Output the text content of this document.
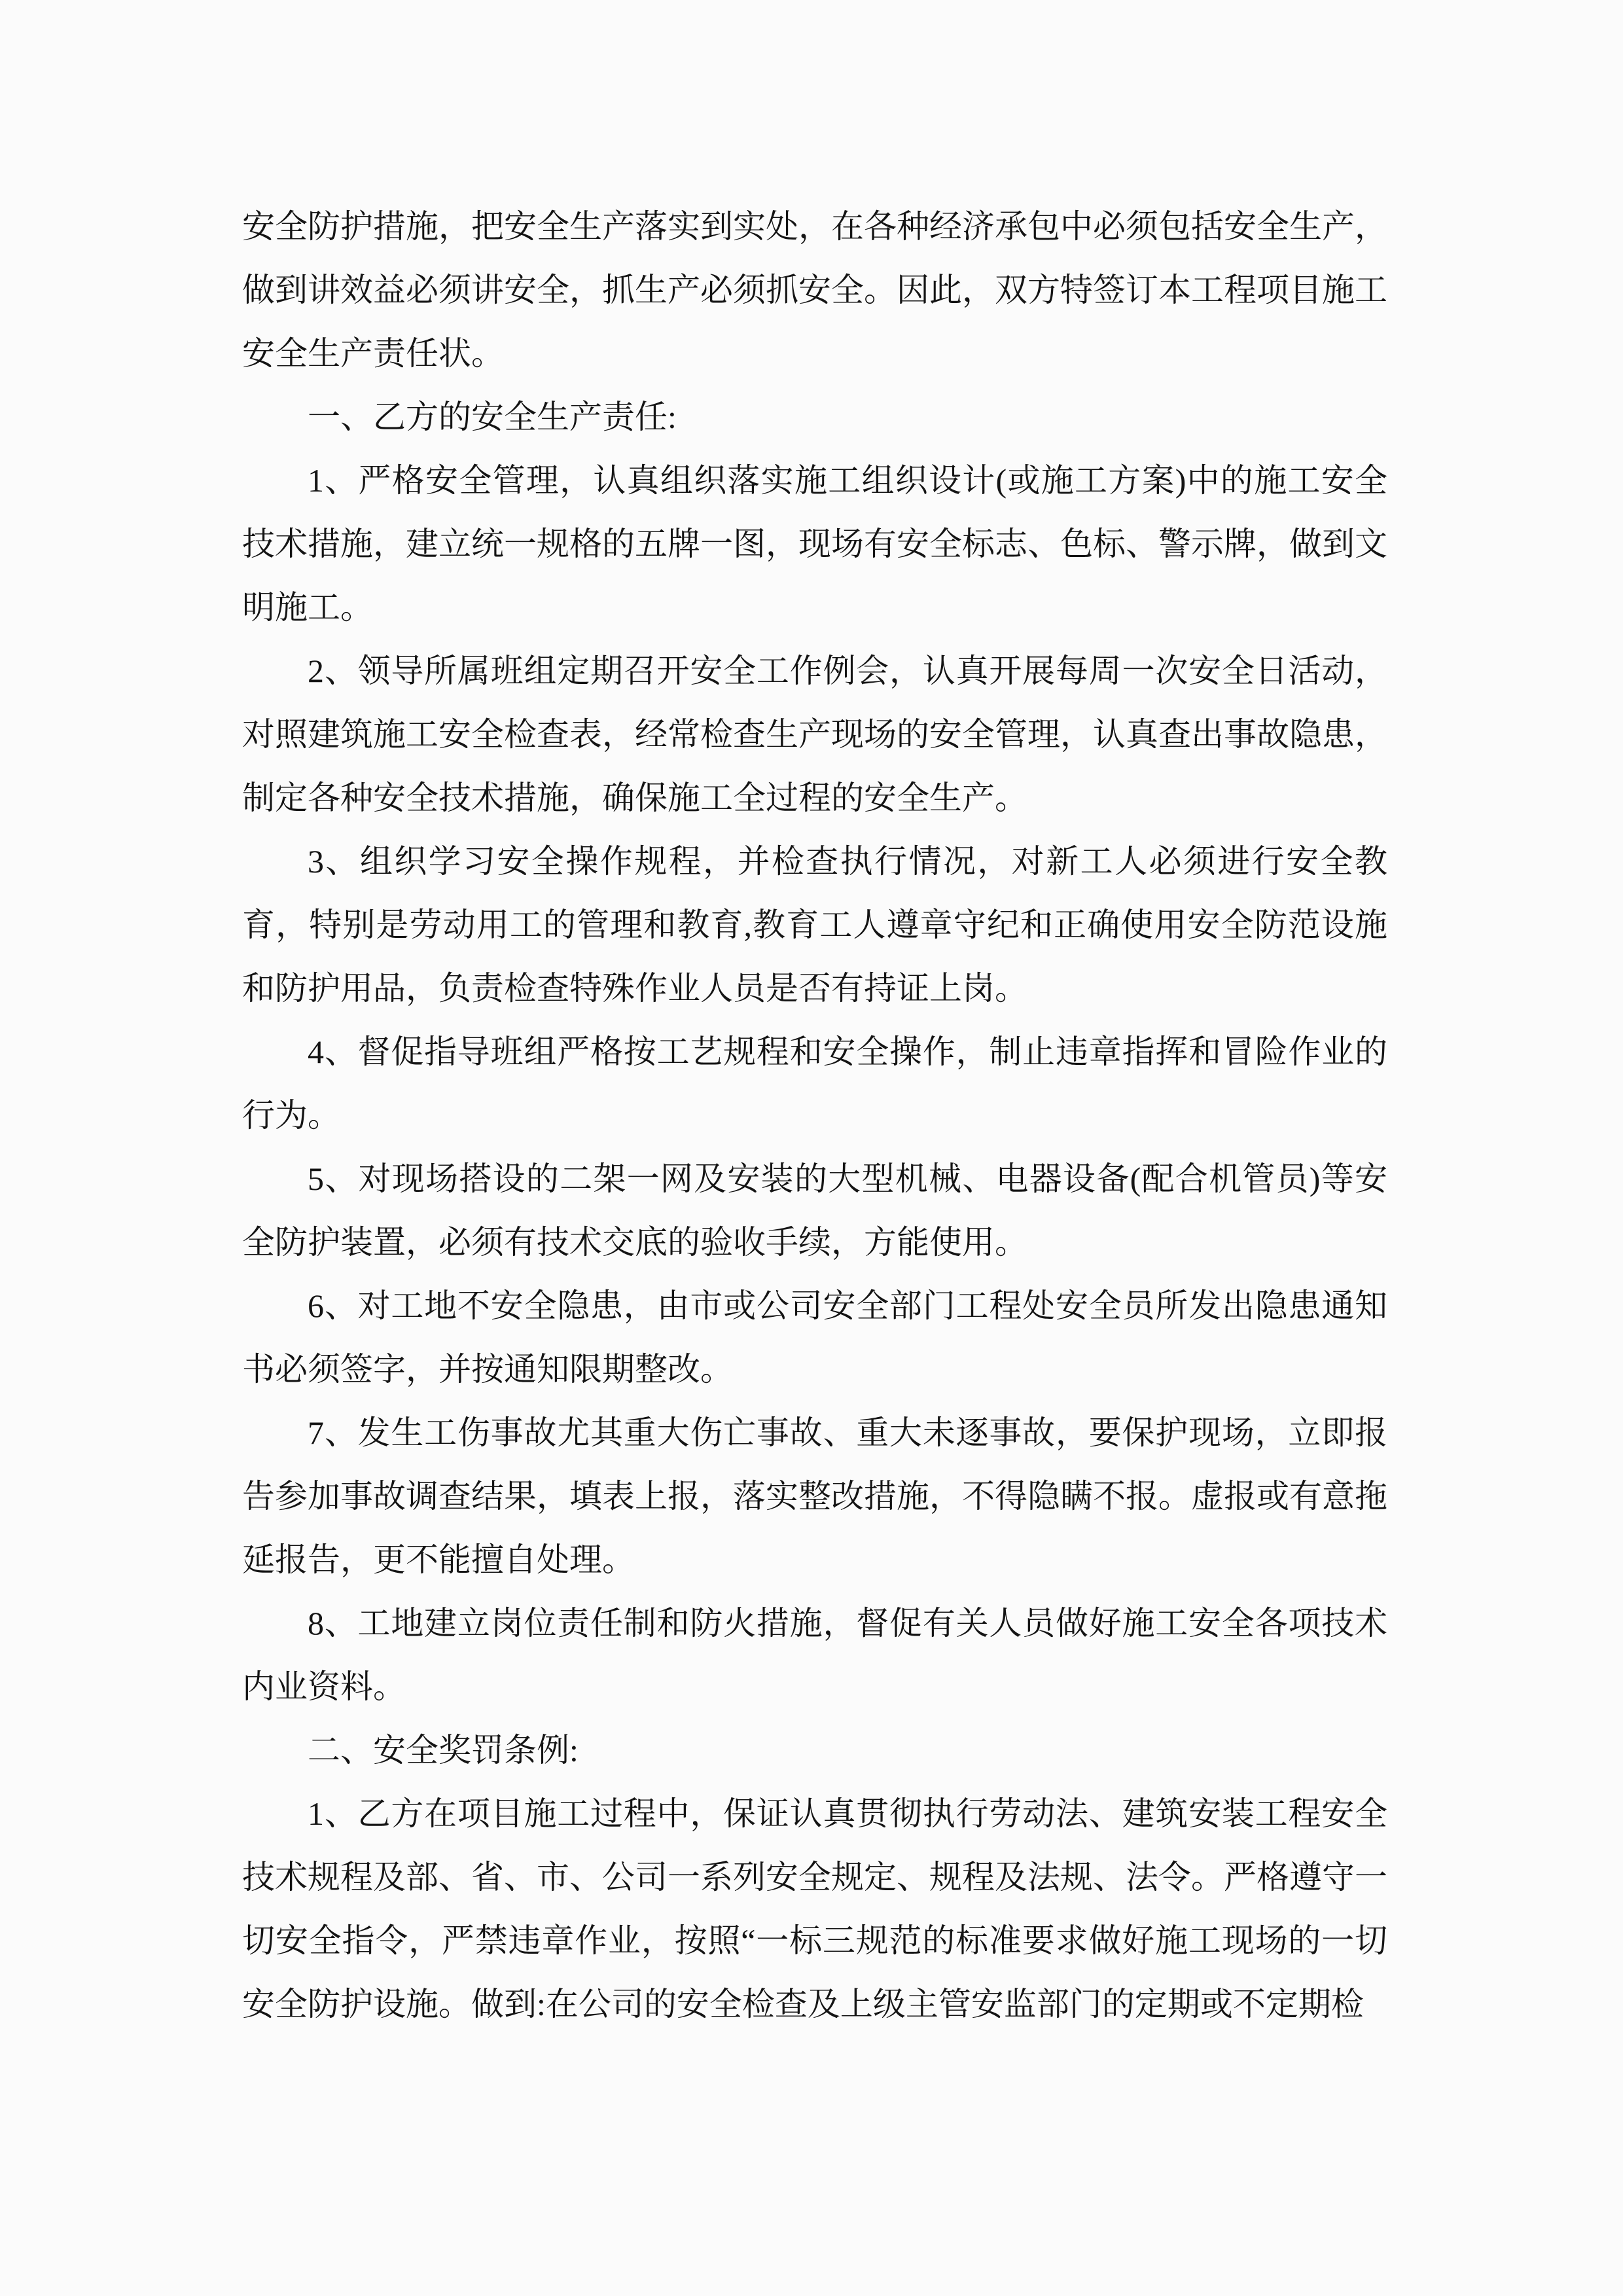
安全防护措施，把安全生产落实到实处，在各种经济承包中必须包括安全生产，做到讲效益必须讲安全，抓生产必须抓安全。因此，双方特签订本工程项目施工安全生产责任状。

一、乙方的安全生产责任:

1、严格安全管理，认真组织落实施工组织设计(或施工方案)中的施工安全技术措施，建立统一规格的五牌一图，现场有安全标志、色标、警示牌，做到文明施工。

2、领导所属班组定期召开安全工作例会，认真开展每周一次安全日活动，对照建筑施工安全检查表，经常检查生产现场的安全管理，认真查出事故隐患，制定各种安全技术措施，确保施工全过程的安全生产。

3、组织学习安全操作规程，并检查执行情况，对新工人必须进行安全教育，特别是劳动用工的管理和教育,教育工人遵章守纪和正确使用安全防范设施和防护用品，负责检查特殊作业人员是否有持证上岗。

4、督促指导班组严格按工艺规程和安全操作，制止违章指挥和冒险作业的行为。

5、对现场搭设的二架一网及安装的大型机械、电器设备(配合机管员)等安全防护装置，必须有技术交底的验收手续，方能使用。

6、对工地不安全隐患，由市或公司安全部门工程处安全员所发出隐患通知书必须签字，并按通知限期整改。

7、发生工伤事故尤其重大伤亡事故、重大未逐事故，要保护现场，立即报告参加事故调查结果，填表上报，落实整改措施，不得隐瞒不报。虚报或有意拖延报告，更不能擅自处理。

8、工地建立岗位责任制和防火措施，督促有关人员做好施工安全各项技术内业资料。

二、安全奖罚条例:

1、乙方在项目施工过程中，保证认真贯彻执行劳动法、建筑安装工程安全技术规程及部、省、市、公司一系列安全规定、规程及法规、法令。严格遵守一切安全指令，严禁违章作业，按照“一标三规范的标准要求做好施工现场的一切安全防护设施。做到:在公司的安全检查及上级主管安监部门的定期或不定期检
